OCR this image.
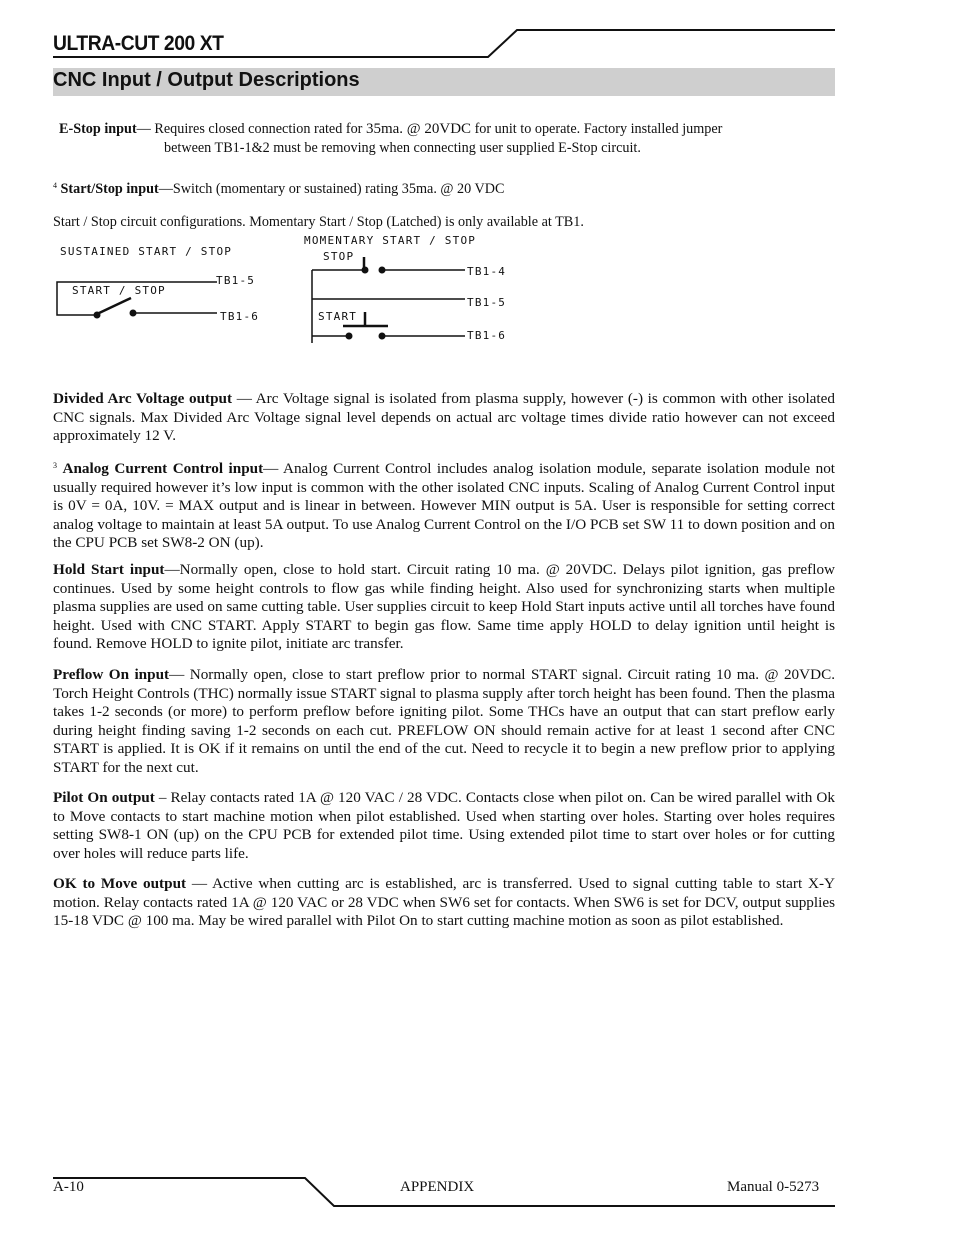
ULTRA-CUT 200 XT
CNC Input / Output Descriptions
E-Stop input— Requires closed connection rated for 35ma. @ 20VDC for unit to operate. Factory installed jumper
between TB1-1&2 must be removing when connecting user supplied E-Stop circuit.
$^4$ Start/Stop input—Switch (momentary or sustained) rating 35ma. @ 20 VDC
Start / Stop circuit configurations. Momentary Start / Stop (Latched) is only available at TB1.
SUSTAINED START / STOP
START / STOP
TB1-5
TB1-6
MOMENTARY START / STOP
STOP
START
TB1-4
TB1-5
TB1-6
Divided Arc Voltage output — Arc Voltage signal is isolated from plasma supply, however (-) is common with other isolated CNC signals. Max Divided Arc Voltage signal level depends on actual arc voltage times divide ratio however can not exceed approximately 12 V.
$^3$ Analog Current Control input— Analog Current Control includes analog isolation module, separate isolation module not usually required however it’s low input is common with the other isolated CNC inputs. Scaling of Analog Current Control input is 0V = 0A, 10V. = MAX output and is linear in between. However MIN output is 5A. User is responsible for setting correct analog voltage to maintain at least 5A output. To use Analog Current Control on the I/O PCB set SW 11 to down position and on the CPU PCB set SW8-2 ON (up).
Hold Start input—Normally open, close to hold start. Circuit rating 10 ma. @ 20VDC. Delays pilot ignition, gas preflow continues. Used by some height controls to flow gas while finding height. Also used for synchronizing starts when multiple plasma supplies are used on same cutting table. User supplies circuit to keep Hold Start inputs active until all torches have found height. Used with CNC START. Apply START to begin gas flow. Same time apply HOLD to delay ignition until height is found. Remove HOLD to ignite pilot, initiate arc transfer.
Preflow On input— Normally open, close to start preflow prior to normal START signal. Circuit rating 10 ma. @ 20VDC. Torch Height Controls (THC) normally issue START signal to plasma supply after torch height has been found. Then the plasma takes 1-2 seconds (or more) to perform preflow before igniting pilot. Some THCs have an output that can start preflow early during height finding saving 1-2 seconds on each cut. PREFLOW ON should remain active for at least 1 second after CNC START is applied. It is OK if it remains on until the end of the cut. Need to recycle it to begin a new preflow prior to applying START for the next cut.
Pilot On output – Relay contacts rated 1A @ 120 VAC / 28 VDC. Contacts close when pilot on. Can be wired parallel with Ok to Move contacts to start machine motion when pilot established. Used when starting over holes. Starting over holes requires setting SW8-1 ON (up) on the CPU PCB for extended pilot time. Using extended pilot time to start over holes or for cutting over holes will reduce parts life.
OK to Move output — Active when cutting arc is established, arc is transferred. Used to signal cutting table to start X-Y motion. Relay contacts rated 1A @ 120 VAC or 28 VDC when SW6 set for contacts. When SW6 is set for DCV, output supplies 15-18 VDC @ 100 ma. May be wired parallel with Pilot On to start cutting machine motion as soon as pilot established.
A-10	APPENDIX	Manual 0-5273
